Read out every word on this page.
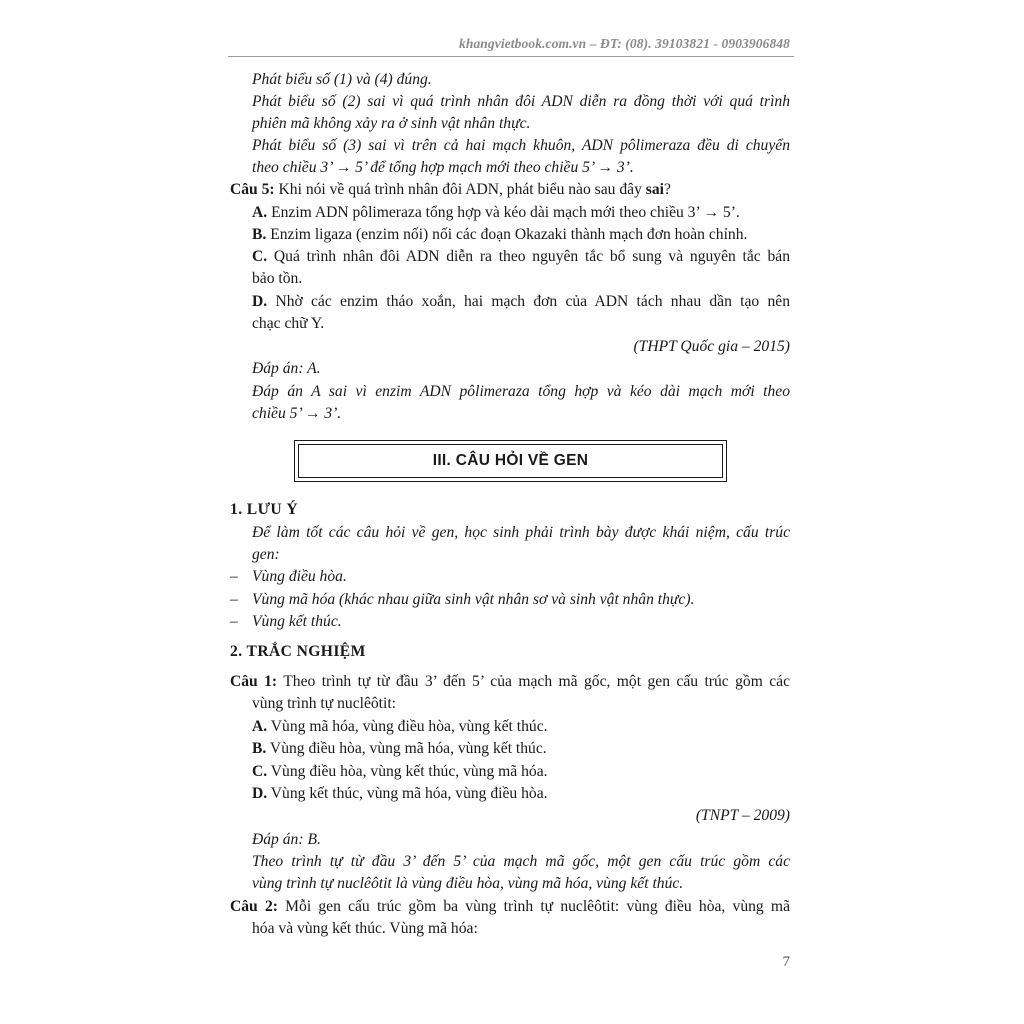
khangvietbook.com.vn – ĐT: (08). 39103821 - 0903906848
Phát biểu số (1) và (4) đúng.
Phát biểu số (2) sai vì quá trình nhân đôi ADN diễn ra đồng thời với quá trình
phiên mã không xảy ra ở sinh vật nhân thực.
Phát biểu số (3) sai vì trên cả hai mạch khuôn, ADN pôlimeraza đều di chuyển
theo chiều 3’ → 5’ để tổng hợp mạch mới theo chiều 5’ → 3’.
Câu 5: Khi nói về quá trình nhân đôi ADN, phát biểu nào sau đây sai?
A. Enzim ADN pôlimeraza tổng hợp và kéo dài mạch mới theo chiều 3’ → 5’.
B. Enzim ligaza (enzim nối) nối các đoạn Okazaki thành mạch đơn hoàn chỉnh.
C. Quá trình nhân đôi ADN diễn ra theo nguyên tắc bổ sung và nguyên tắc bán
bảo tồn.
D. Nhờ các enzim tháo xoắn, hai mạch đơn của ADN tách nhau dần tạo nên
chạc chữ Y.
(THPT Quốc gia – 2015)
Đáp án: A.
Đáp án A sai vì enzim ADN pôlimeraza tổng hợp và kéo dài mạch mới theo
chiều 5’ → 3’.
III. CÂU HỎI VỀ GEN
1. LƯU Ý
Để làm tốt các câu hỏi về gen, học sinh phải trình bày được khái niệm, cấu trúc
gen:
– Vùng điều hòa.
– Vùng mã hóa (khác nhau giữa sinh vật nhân sơ và sinh vật nhân thực).
– Vùng kết thúc.
2. TRẮC NGHIỆM
Câu 1: Theo trình tự từ đầu 3’ đến 5’ của mạch mã gốc, một gen cấu trúc gồm các
vùng trình tự nuclêôtit:
A. Vùng mã hóa, vùng điều hòa, vùng kết thúc.
B. Vùng điều hòa, vùng mã hóa, vùng kết thúc.
C. Vùng điều hòa, vùng kết thúc, vùng mã hóa.
D. Vùng kết thúc, vùng mã hóa, vùng điều hòa.
(TNPT – 2009)
Đáp án: B.
Theo trình tự từ đầu 3’ đến 5’ của mạch mã gốc, một gen cấu trúc gồm các
vùng trình tự nuclêôtit là vùng điều hòa, vùng mã hóa, vùng kết thúc.
Câu 2: Mỗi gen cấu trúc gồm ba vùng trình tự nuclêôtit: vùng điều hòa, vùng mã
hóa và vùng kết thúc. Vùng mã hóa:
7
